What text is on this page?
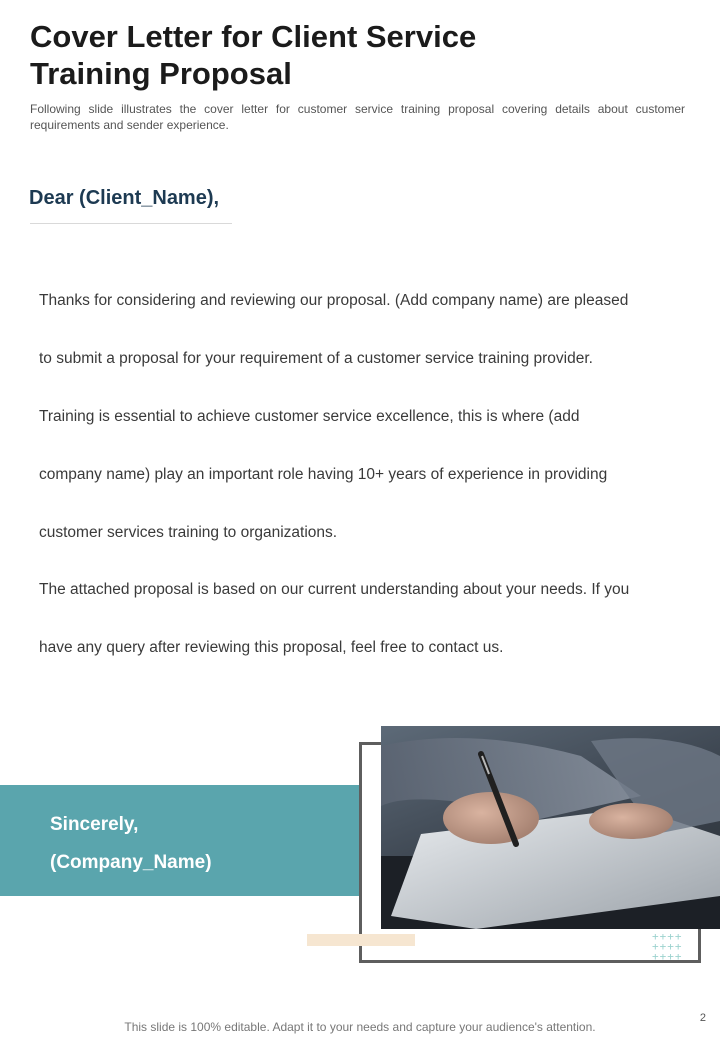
Cover Letter for Client Service
Training Proposal

Following slide illustrates the cover letter for customer service training proposal covering details about customer requirements and sender experience.

Dear (Client_Name),
Thanks for considering and reviewing our proposal. (Add company name) are pleased
to submit a proposal for your requirement of a customer service training provider.
Training is essential to achieve customer service excellence, this is where (add
company name) play an important role having 10+ years of experience in providing
customer services training to organizations.
The attached proposal is based on our current understanding about your needs. If you
have any query after reviewing this proposal, feel free to contact us.
Sincerely,
(Company_Name)
++++
++++
++++

This slide is 100% editable. Adapt it to your needs and capture your audience's attention.

2
